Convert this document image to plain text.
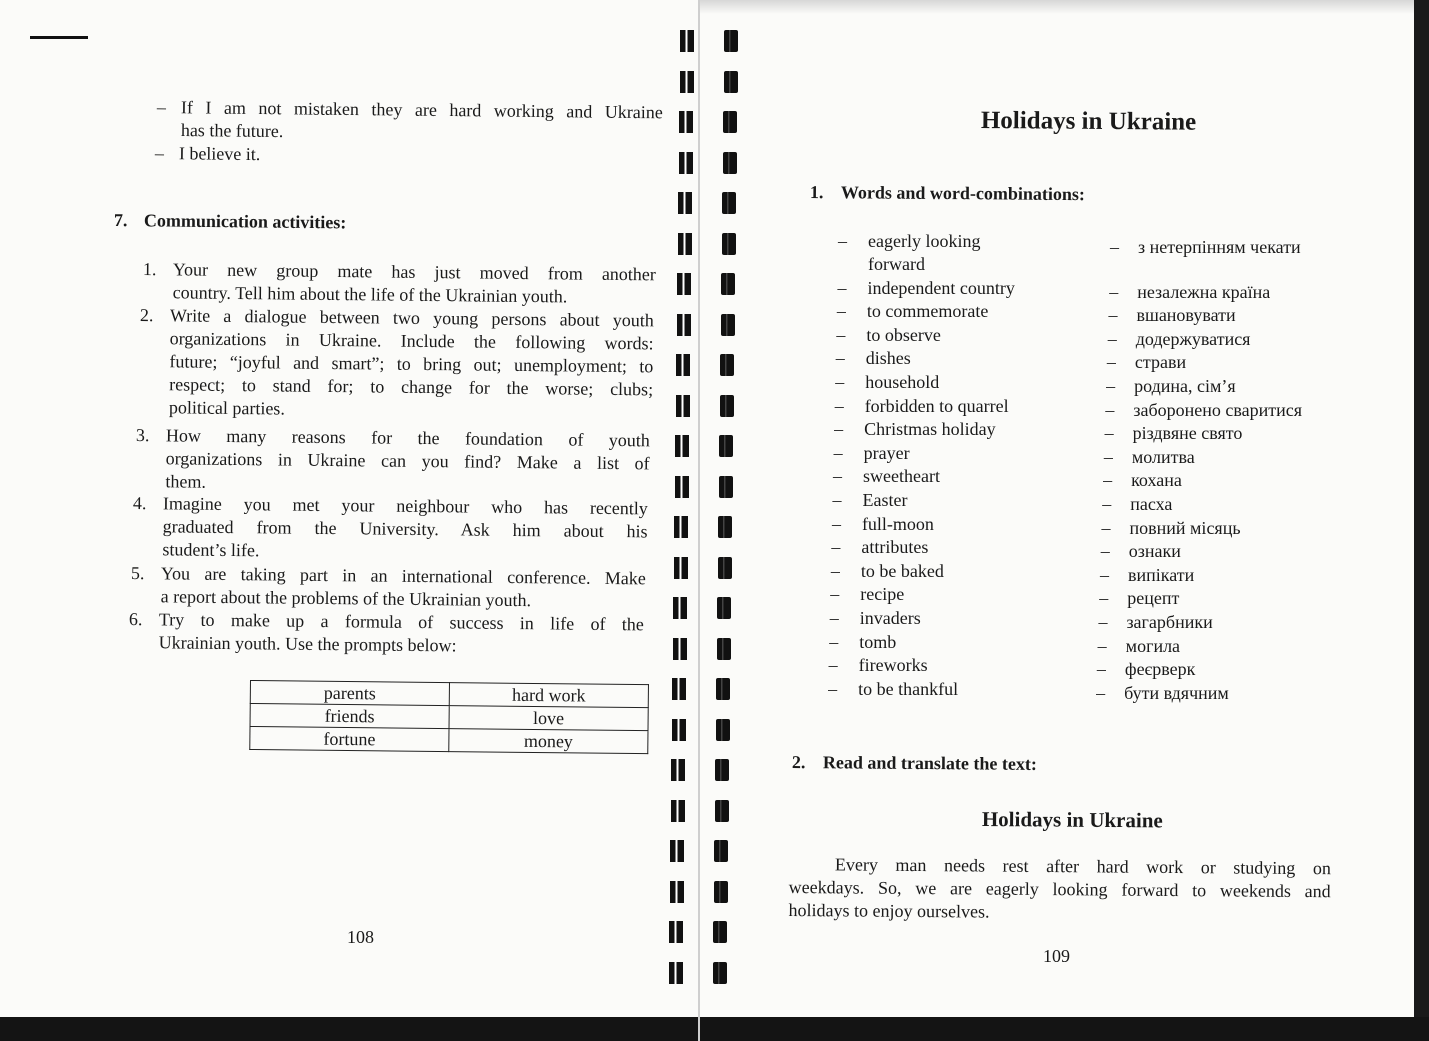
– If I am not mistaken they are hard working and Ukraine
has the future.
– I believe it.
7. Communication activities:
1. Your new group mate has just moved from another
country. Tell him about the life of the Ukrainian youth.
2. Write a dialogue between two young persons about youth
organizations in Ukraine. Include the following words:
future; “joyful and smart”; to bring out; unemployment; to
respect; to stand for; to change for the worse; clubs;
political parties.
3. How many reasons for the foundation of youth
organizations in Ukraine can you find? Make a list of
them.
4. Imagine you met your neighbour who has recently
graduated from the University. Ask him about his
student’s life.
5. You are taking part in an international conference. Make
a report about the problems of the Ukrainian youth.
6. Try to make up a formula of success in life of the
Ukrainian youth. Use the prompts below:
parents	hard work
friends	love
fortune	money
108
Holidays in Ukraine
1. Words and word-combinations:
– eagerly looking	– з нетерпінням чекати
forward
– independent country	– незалежна країна
– to commemorate	– вшановувати
– to observe	– додержуватися
– dishes	– страви
– household	– родина, сім’я
– forbidden to quarrel	– заборонено сваритися
– Christmas holiday	– різдвяне свято
– prayer	– молитва
– sweetheart	– кохана
– Easter	– пасха
– full-moon	– повний місяць
– attributes	– ознаки
– to be baked	– випікати
– recipe	– рецепт
– invaders	– загарбники
– tomb	– могила
– fireworks	– феєрверк
– to be thankful	– бути вдячним
2. Read and translate the text:
Holidays in Ukraine
Every man needs rest after hard work or studying on
weekdays. So, we are eagerly looking forward to weekends and
holidays to enjoy ourselves.
109
